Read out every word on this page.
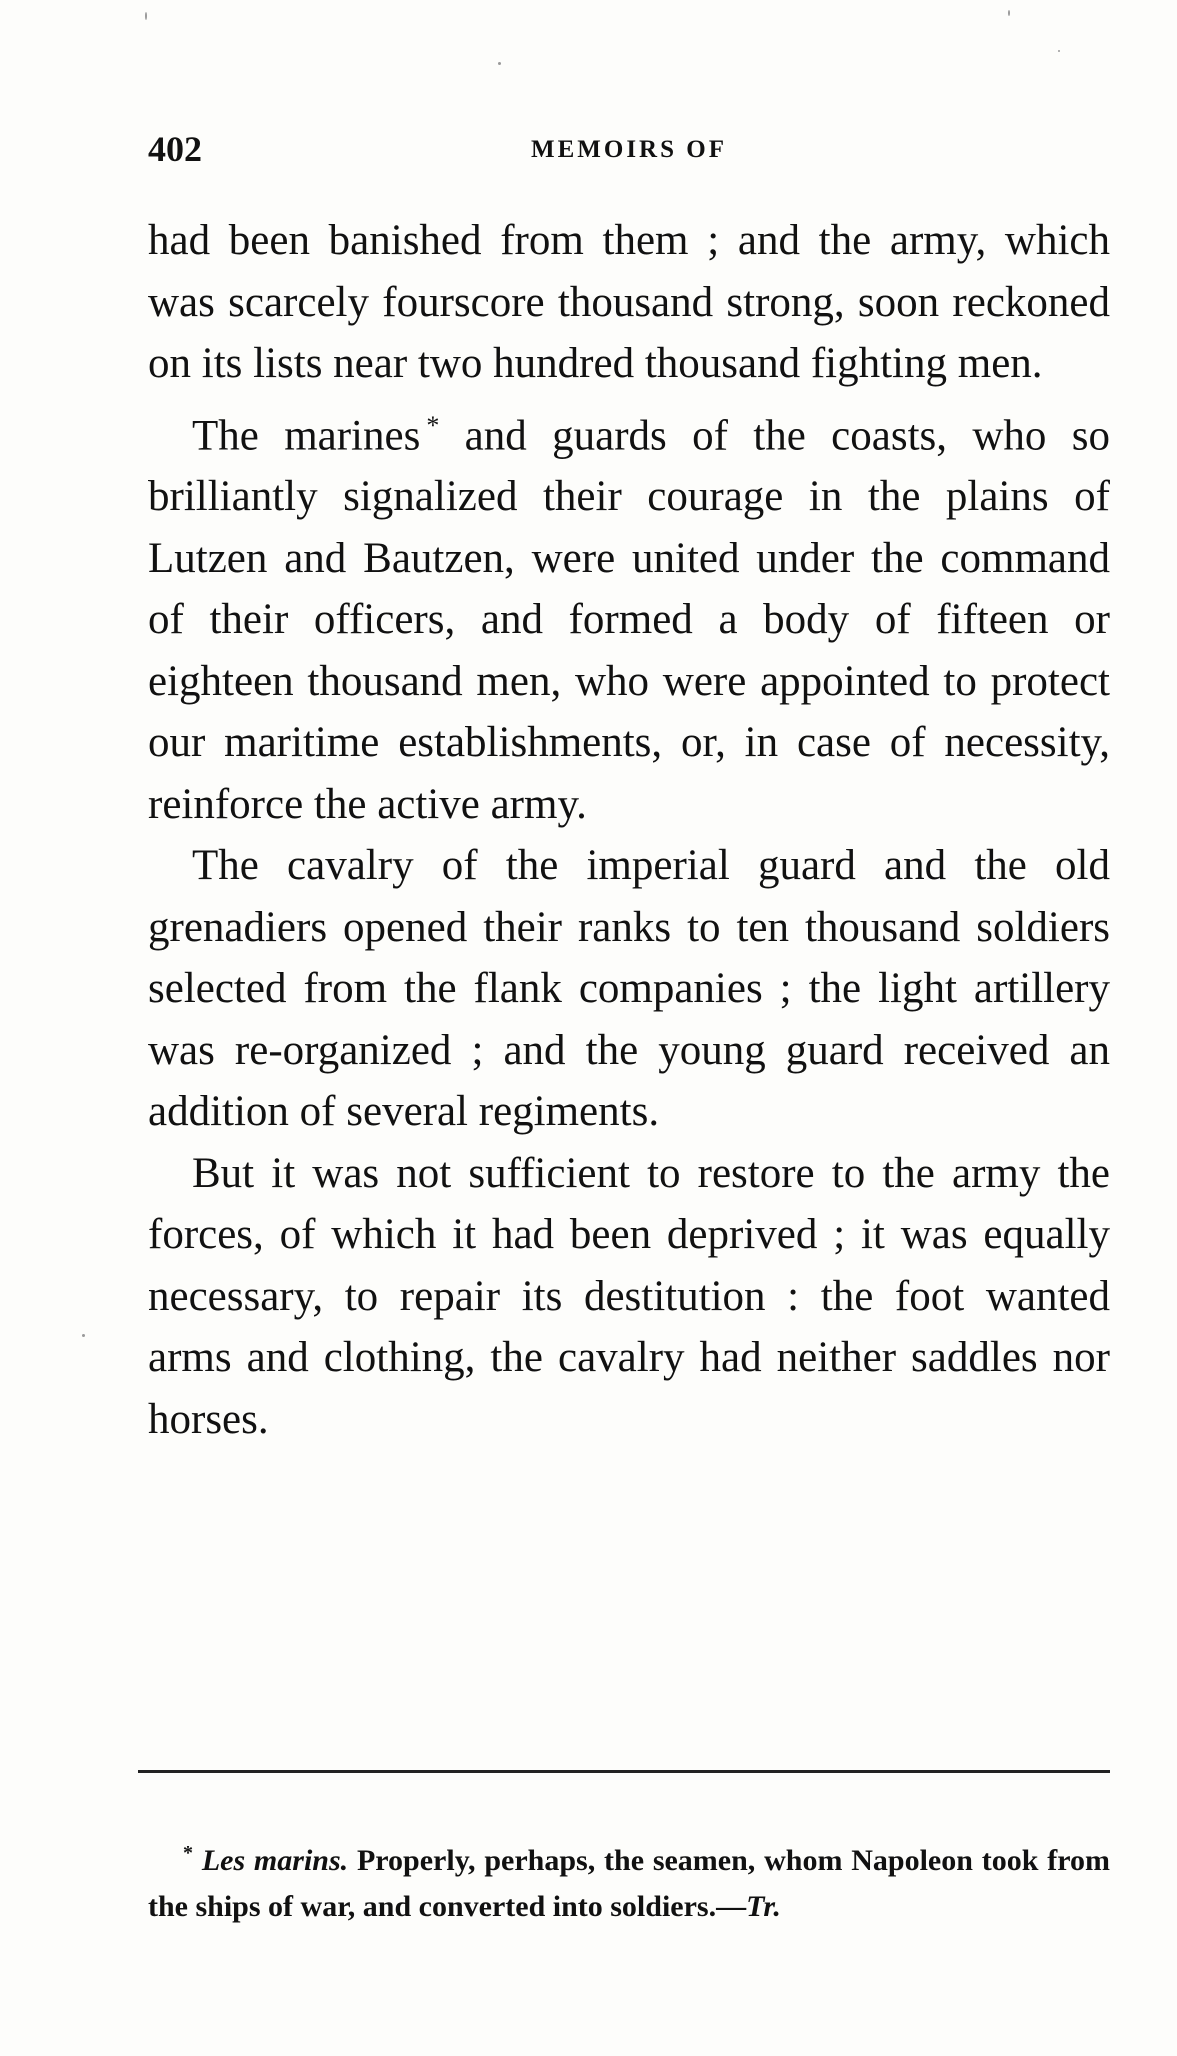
402	MEMOIRS OF

had been banished from them ; and the army, which was scarcely fourscore thousand strong, soon reckoned on its lists near two hundred thousand fighting men.

The marines * and guards of the coasts, who so brilliantly signalized their courage in the plains of Lutzen and Bautzen, were united under the command of their officers, and formed a body of fifteen or eighteen thousand men, who were appointed to protect our maritime establishments, or, in case of necessity, reinforce the active army.

The cavalry of the imperial guard and the old grenadiers opened their ranks to ten thousand soldiers selected from the flank companies ; the light artillery was re-organized ; and the young guard received an addition of several regiments.

But it was not sufficient to restore to the army the forces, of which it had been deprived ; it was equally necessary, to repair its destitution : the foot wanted arms and clothing, the cavalry had neither saddles nor horses.

* Les marins. Properly, perhaps, the seamen, whom Napoleon took from the ships of war, and converted into soldiers.—Tr.
